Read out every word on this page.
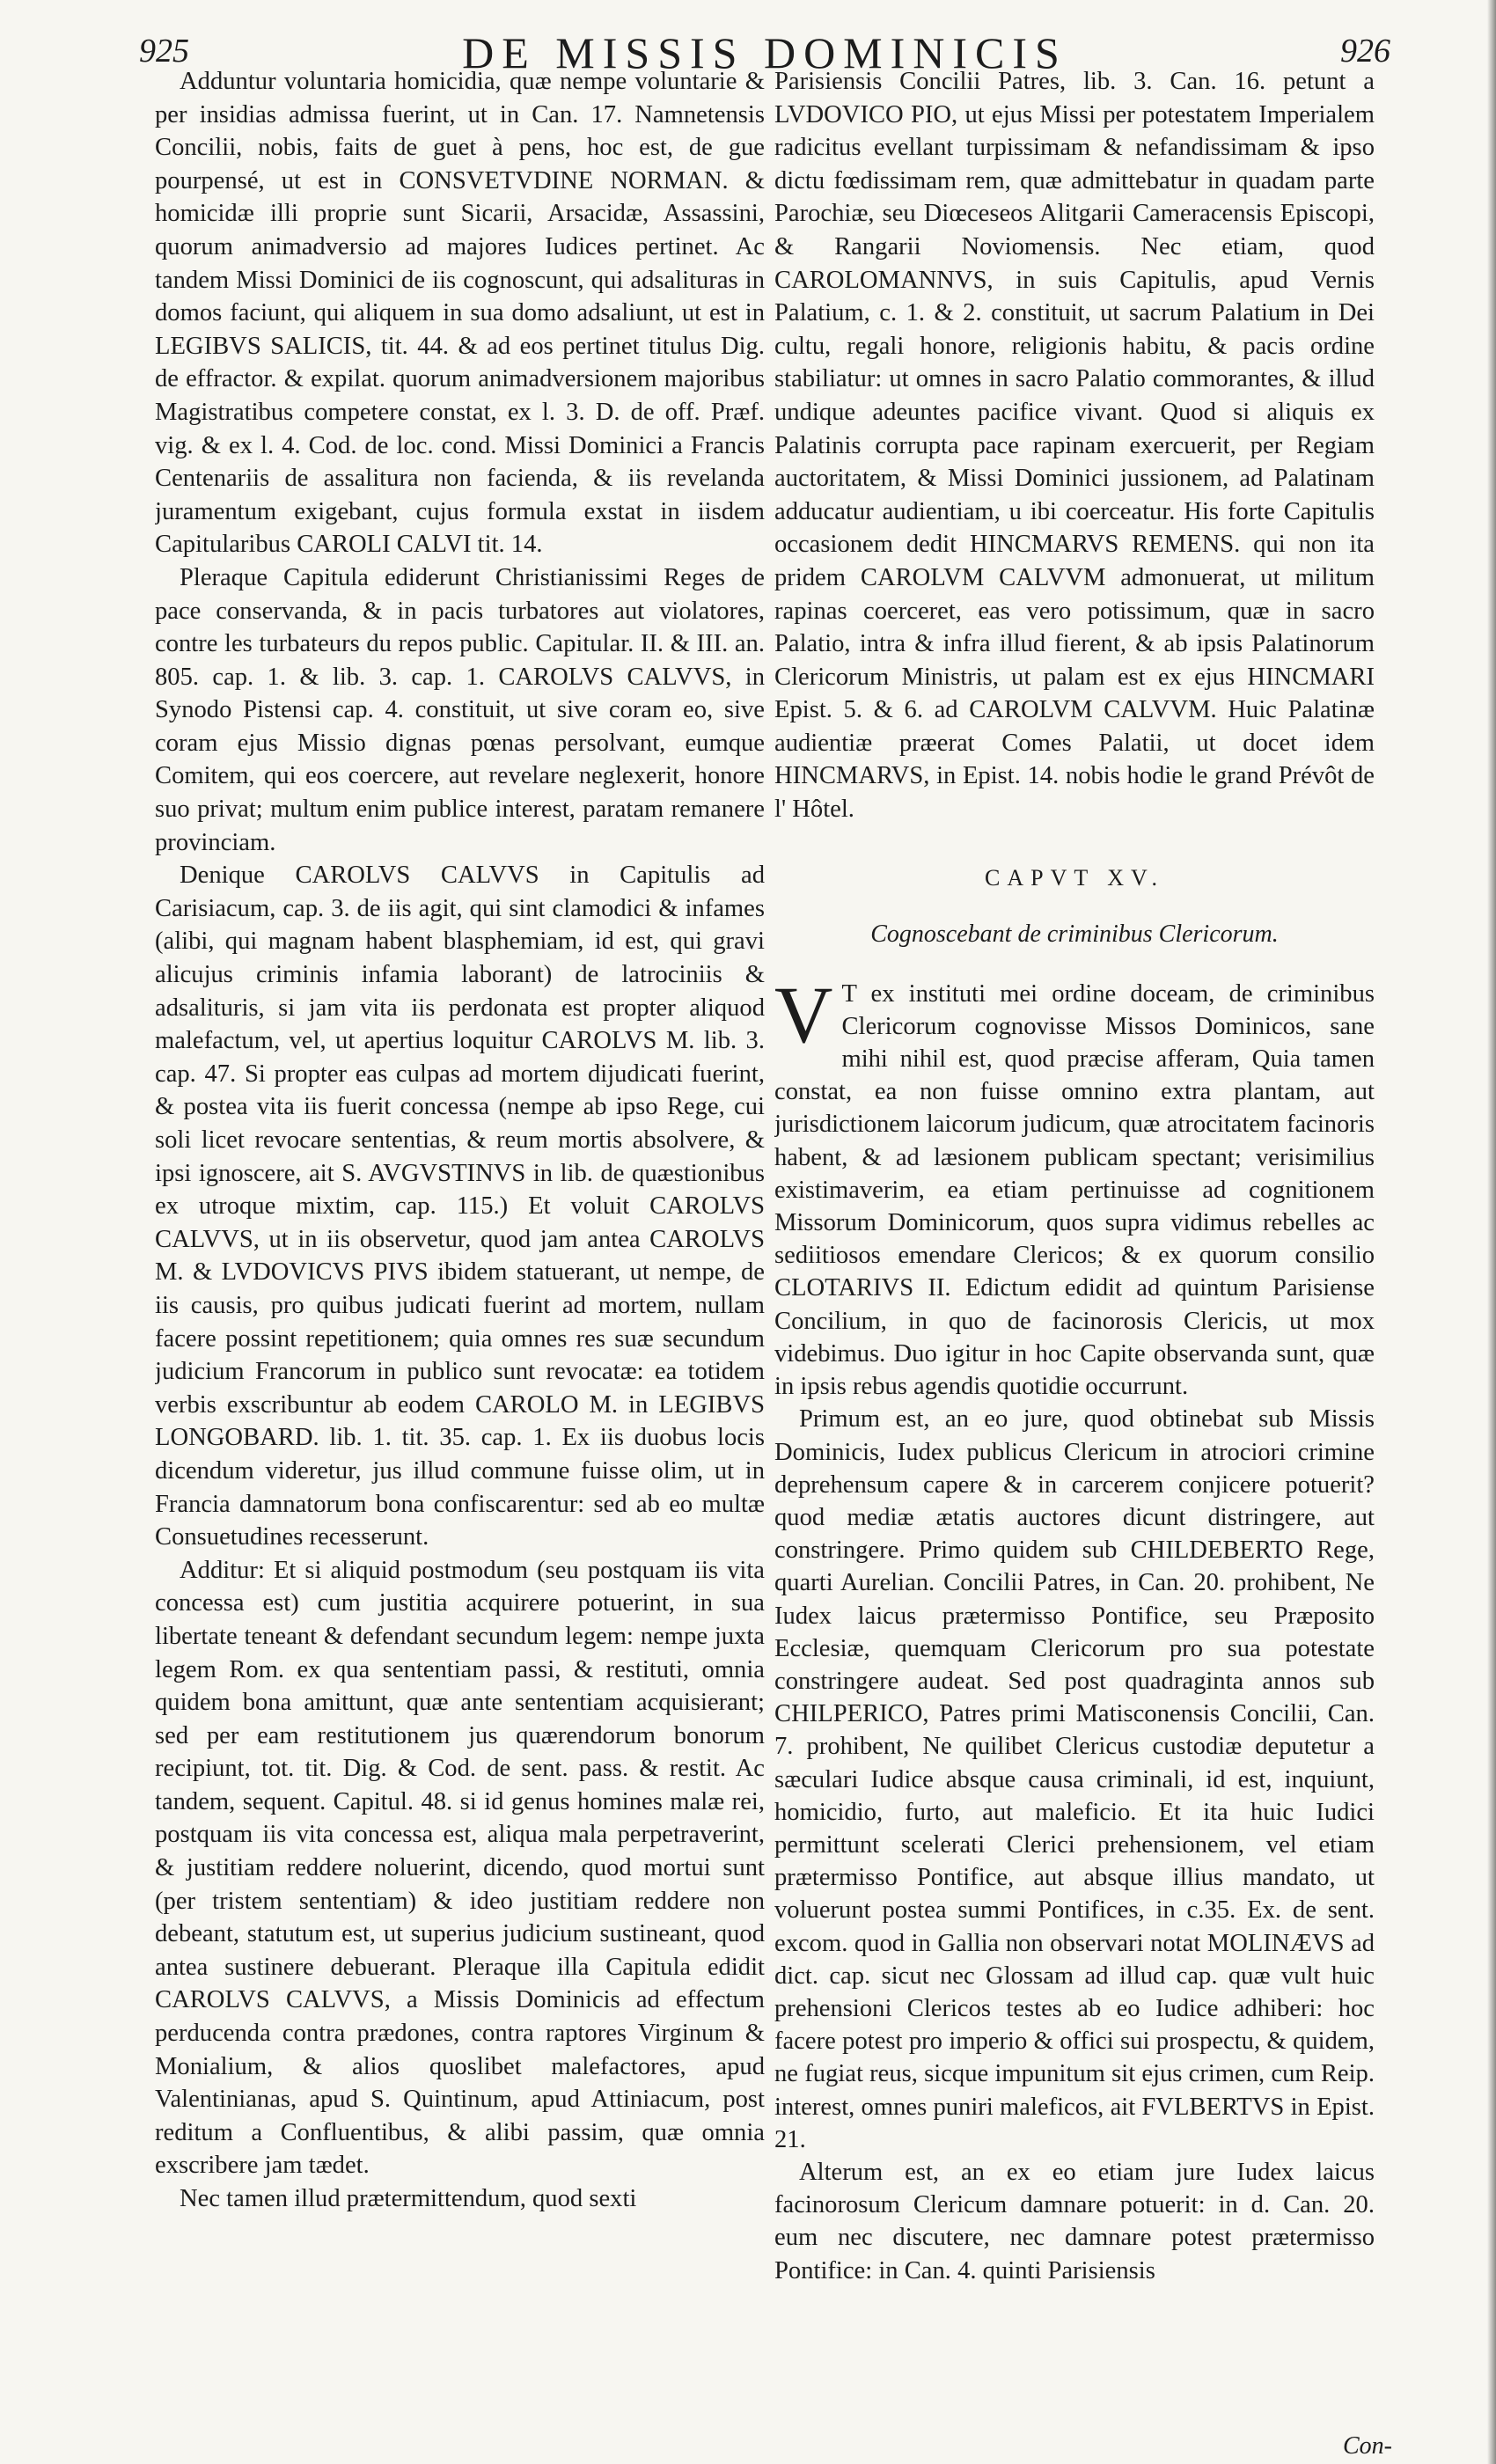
925	DE MISSIS DOMINICIS	926

Adduntur voluntaria homicidia, quæ nempe voluntarie & per insidias admissa fuerint, ut in Can. 17. Namnetensis Concilii, nobis, faits de guet à pens, hoc est, de gue pourpensé, ut est in CONSVETVDINE NORMAN. & homicidæ illi proprie sunt Sicarii, Arsacidæ, Assassini, quorum animadversio ad majores Iudices pertinet. Ac tandem Missi Dominici de iis cognoscunt, qui adsalituras in domos faciunt, qui aliquem in sua domo adsaliunt, ut est in LEGIBVS SALICIS, tit. 44. & ad eos pertinet titulus Dig. de effractor. & expilat. quorum animadversionem majoribus Magistratibus competere constat, ex l. 3. D. de off. Præf. vig. & ex l. 4. Cod. de loc. cond. Missi Dominici a Francis Centenariis de assalitura non facienda, & iis revelanda juramentum exigebant, cujus formula exstat in iisdem Capitularibus CAROLI CALVI tit. 14.

Pleraque Capitula ediderunt Christianissimi Reges de pace conservanda, & in pacis turbatores aut violatores, contre les turbateurs du repos public. Capitular. II. & III. an. 805. cap. 1. & lib. 3. cap. 1. CAROLVS CALVVS, in Synodo Pistensi cap. 4. constituit, ut sive coram eo, sive coram ejus Missio dignas pœnas persolvant, eumque Comitem, qui eos coercere, aut revelare neglexerit, honore suo privat; multum enim publice interest, paratam remanere provinciam.

Denique CAROLVS CALVVS in Capitulis ad Carisiacum, cap. 3. de iis agit, qui sint clamodici & infames (alibi, qui magnam habent blasphemiam, id est, qui gravi alicujus criminis infamia laborant) de latrociniis & adsalituris, si jam vita iis perdonata est propter aliquod malefactum, vel, ut apertius loquitur CAROLVS M. lib. 3. cap. 47. Si propter eas culpas ad mortem dijudicati fuerint, & postea vita iis fuerit concessa (nempe ab ipso Rege, cui soli licet revocare sententias, & reum mortis absolvere, & ipsi ignoscere, ait S. AVGVSTINVS in lib. de quæstionibus ex utroque mixtim, cap. 115.) Et voluit CAROLVS CALVVS, ut in iis observetur, quod jam antea CAROLVS M. & LVDOVICVS PIVS ibidem statuerant, ut nempe, de iis causis, pro quibus judicati fuerint ad mortem, nullam facere possint repetitionem; quia omnes res suæ secundum judicium Francorum in publico sunt revocatæ: ea totidem verbis exscribuntur ab eodem CAROLO M. in LEGIBVS LONGOBARD. lib. 1. tit. 35. cap. 1. Ex iis duobus locis dicendum videretur, jus illud commune fuisse olim, ut in Francia damnatorum bona confiscarentur: sed ab eo multæ Consuetudines recesserunt.

Additur: Et si aliquid postmodum (seu postquam iis vita concessa est) cum justitia acquirere potuerint, in sua libertate teneant & defendant secundum legem: nempe juxta legem Rom. ex qua sententiam passi, & restituti, omnia quidem bona amittunt, quæ ante sententiam acquisierant; sed per eam restitutionem jus quærendorum bonorum recipiunt, tot. tit. Dig. & Cod. de sent. pass. & restit. Ac tandem, sequent. Capitul. 48. si id genus homines malæ rei, postquam iis vita concessa est, aliqua mala perpetraverint, & justitiam reddere noluerint, dicendo, quod mortui sunt (per tristem sententiam) & ideo justitiam reddere non debeant, statutum est, ut superius judicium sustineant, quod antea sustinere debuerant. Pleraque illa Capitula edidit CAROLVS CALVVS, a Missis Dominicis ad effectum perducenda contra prædones, contra raptores Virginum & Monialium, & alios quoslibet malefactores, apud Valentinianas, apud S. Quintinum, apud Attiniacum, post reditum a Confluentibus, & alibi passim, quæ omnia exscribere jam tædet.

Nec tamen illud prætermittendum, quod sexti

Parisiensis Concilii Patres, lib. 3. Can. 16. petunt a LVDOVICO PIO, ut ejus Missi per potestatem Imperialem radicitus evellant turpissimam & nefandissimam & ipso dictu fœdissimam rem, quæ admittebatur in quadam parte Parochiæ, seu Diœceseos Alitgarii Cameracensis Episcopi, & Rangarii Noviomensis. Nec etiam, quod CAROLOMANNVS, in suis Capitulis, apud Vernis Palatium, c. 1. & 2. constituit, ut sacrum Palatium in Dei cultu, regali honore, religionis habitu, & pacis ordine stabiliatur: ut omnes in sacro Palatio commorantes, & illud undique adeuntes pacifice vivant. Quod si aliquis ex Palatinis corrupta pace rapinam exercuerit, per Regiam auctoritatem, & Missi Dominici jussionem, ad Palatinam adducatur audientiam, u ibi coerceatur. His forte Capitulis occasionem dedit HINCMARVS REMENS. qui non ita pridem CAROLVM CALVVM admonuerat, ut militum rapinas coerceret, eas vero potissimum, quæ in sacro Palatio, intra & infra illud fierent, & ab ipsis Palatinorum Clericorum Ministris, ut palam est ex ejus HINCMARI Epist. 5. & 6. ad CAROLVM CALVVM. Huic Palatinæ audientiæ præerat Comes Palatii, ut docet idem HINCMARVS, in Epist. 14. nobis hodie le grand Prévôt de l' Hôtel.

CAPVT XV.
Cognoscebant de criminibus Clericorum.

V T ex instituti mei ordine doceam, de criminibus Clericorum cognovisse Missos Dominicos, sane mihi nihil est, quod præcise afferam, Quia tamen constat, ea non fuisse omnino extra plantam, aut jurisdictionem laicorum judicum, quæ atrocitatem facinoris habent, & ad læsionem publicam spectant; verisimilius existimaverim, ea etiam pertinuisse ad cognitionem Missorum Dominicorum, quos supra vidimus rebelles ac sediitiosos emendare Clericos; & ex quorum consilio CLOTARIVS II. Edictum edidit ad quintum Parisiense Concilium, in quo de facinorosis Clericis, ut mox videbimus. Duo igitur in hoc Capite observanda sunt, quæ in ipsis rebus agendis quotidie occurrunt.

Primum est, an eo jure, quod obtinebat sub Missis Dominicis, Iudex publicus Clericum in atrociori crimine deprehensum capere & in carcerem conjicere potuerit? quod mediæ ætatis auctores dicunt distringere, aut constringere. Primo quidem sub CHILDEBERTO Rege, quarti Aurelian. Concilii Patres, in Can. 20. prohibent, Ne Iudex laicus prætermisso Pontifice, seu Præposito Ecclesiæ, quemquam Clericorum pro sua potestate constringere audeat. Sed post quadraginta annos sub CHILPERICO, Patres primi Matisconensis Concilii, Can. 7. prohibent, Ne quilibet Clericus custodiæ deputetur a sæculari Iudice absque causa criminali, id est, inquiunt, homicidio, furto, aut maleficio. Et ita huic Iudici permittunt scelerati Clerici prehensionem, vel etiam prætermisso Pontifice, aut absque illius mandato, ut voluerunt postea summi Pontifices, in c.35. Ex. de sent. excom. quod in Gallia non observari notat MOLINÆVS ad dict. cap. sicut nec Glossam ad illud cap. quæ vult huic prehensioni Clericos testes ab eo Iudice adhiberi: hoc facere potest pro imperio & offici sui prospectu, & quidem, ne fugiat reus, sicque impunitum sit ejus crimen, cum Reip. interest, omnes puniri maleficos, ait FVLBERTVS in Epist. 21.

Alterum est, an ex eo etiam jure Iudex laicus facinorosum Clericum damnare potuerit: in d. Can. 20. eum nec discutere, nec damnare potest prætermisso Pontifice: in Can. 4. quinti Parisiensis

Con-
